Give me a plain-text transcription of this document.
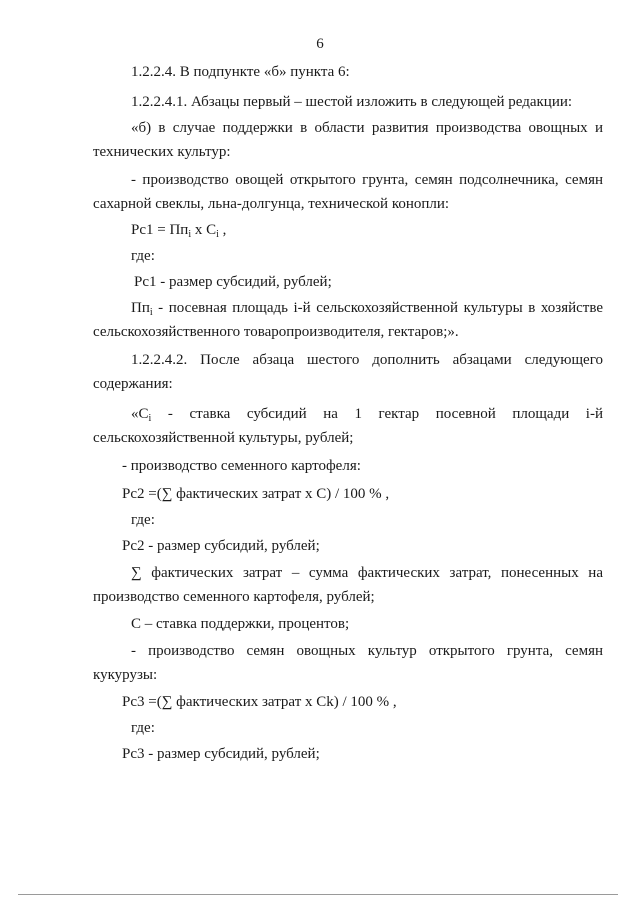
6
1.2.2.4. В подпункте «б» пункта 6:
1.2.2.4.1. Абзацы первый – шестой изложить в следующей редакции:
«б) в случае поддержки в области развития производства овощных и
технических культур:
- производство овощей открытого грунта, семян подсолнечника, семян
сахарной свеклы, льна-долгунца, технической конопли:
$Рс1 = Пп_i$ x $С_i$ ,
где:
Рс1 - размер субсидий, рублей;
$Пп_i$ - посевная площадь i-й сельскохозяйственной культуры в хозяйстве
сельскохозяйственного товаропроизводителя, гектаров;».
1.2.2.4.2. После абзаца шестого дополнить абзацами следующего
содержания:
«$С_i$ - ставка субсидий на 1 гектар посевной площади i-й
сельскохозяйственной культуры, рублей;
- производство семенного картофеля:
Рс2 =(∑ фактических затрат x С) / 100 % ,
где:
Рс2 - размер субсидий, рублей;
∑ фактических затрат – сумма фактических затрат, понесенных на
производство семенного картофеля, рублей;
С – ставка поддержки, процентов;
- производство семян овощных культур открытого грунта, семян
кукурузы:
Рс3 =(∑ фактических затрат x Сk) / 100 % ,
где:
Рс3 - размер субсидий, рублей;
